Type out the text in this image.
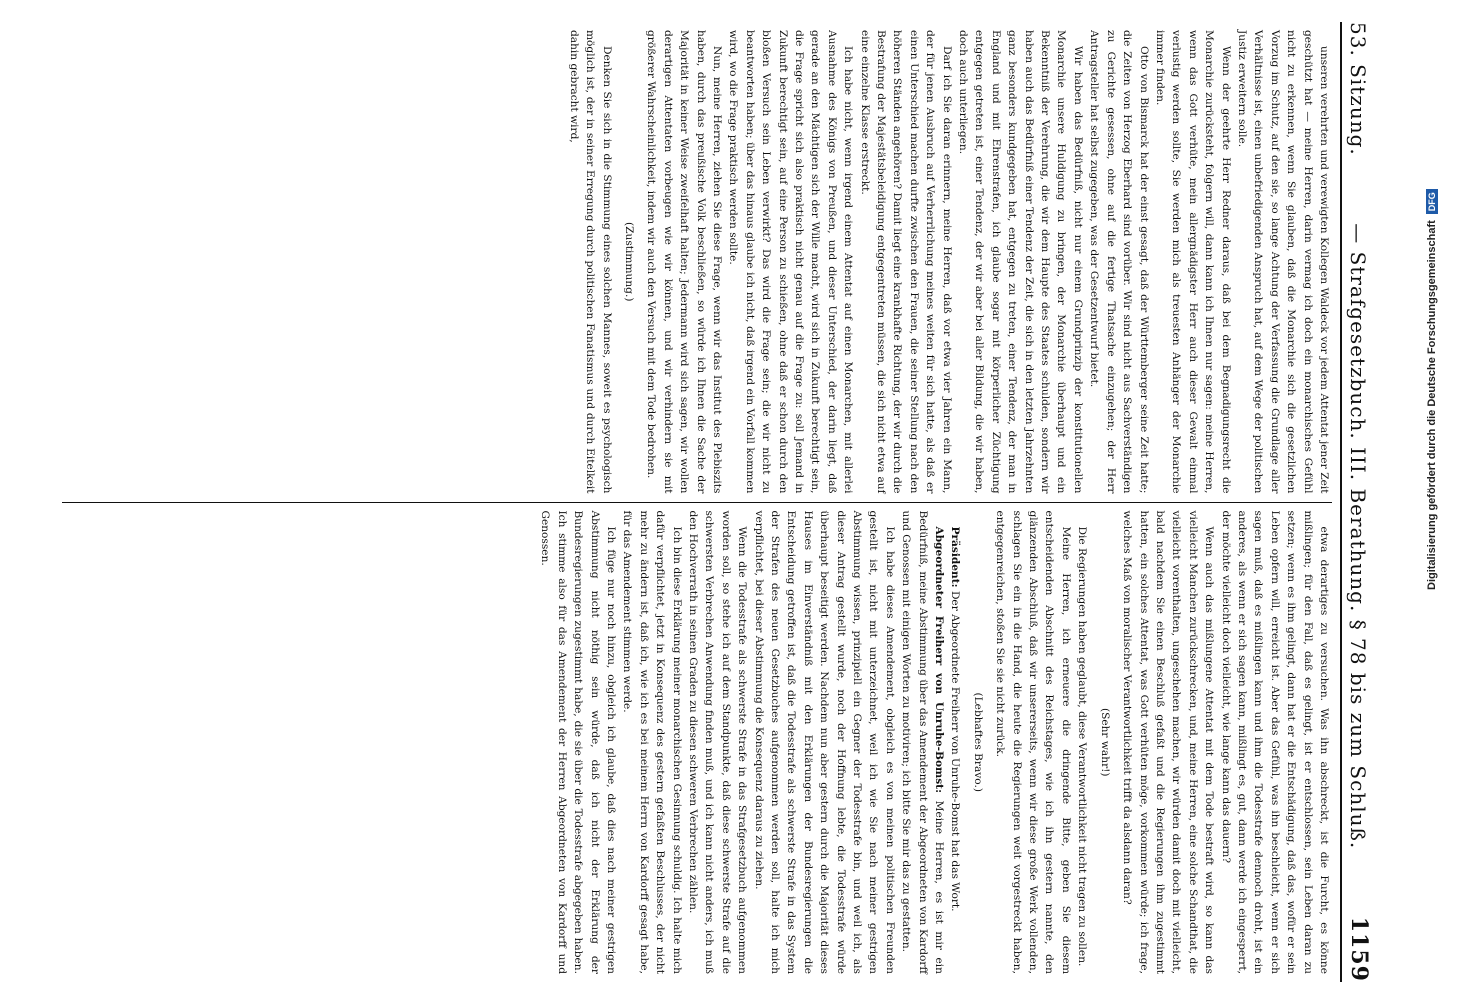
53. Sitzung.
— Strafgesetzbuch. III. Berathung. § 78 bis zum Schluß.
1159

unseren verehrten und verewigten Kollegen Waldeck vor jedem Attentat jener Zeit geschützt hat — meine Herren, darin vermag ich doch ein monarchisches Gefühl nicht zu erkennen, wenn Sie glauben, daß die Monarchie sich die gesetzlichen Vorzug im Schutz, auf den sie, so lange Achtung der Verfassung die Grundlage aller Verhältnisse ist, einen unbefriedigenden Anspruch hat, auf dem Wege der politischen Justiz erweitern solle.

Wenn der geehrte Herr Redner daraus, daß bei dem Begnadigungsrecht die Monarchie zurücksteht, folgern will, dann kann ich Ihnen nur sagen: meine Herren, wenn das Gott verhüte, mein allergnädigster Herr auch dieser Gewalt einmal verlustig werden sollte, Sie werden mich als treuesten Anhänger der Monarchie immer finden.

Otto von Bismarck hat der einst gesagt, daß der Württemberger seine Zeit hatte; die Zeiten von Herzog Eberhard sind vorüber. Wir sind nicht aus Sachverständigen zu Gerichte gesessen, ohne auf die fertige Thatsache einzugehen; der Herr Antragsteller hat selbst zugegeben, was der Gesetzentwurf bietet.

Wir haben das Bedürfniß, nicht nur einem Grundprinzip der konstitutionellen Monarchie unsere Huldigung zu bringen, der Monarchie überhaupt und ein Bekenntniß der Verehrung, die wir dem Haupte des Staates schulden, sondern wir haben auch das Bedürfniß einer Tendenz der Zeit, die sich in den letzten Jahrzehnten ganz besonders kundgegeben hat, entgegen zu treten, einer Tendenz, der man in England und mit Ehrenstrafen, ich glaube sogar mit körperlicher Züchtigung entgegen getreten ist, einer Tendenz, der wir aber bei aller Bildung, die wir haben, doch auch unterliegen.

Darf ich Sie daran erinnern, meine Herren, daß vor etwa vier Jahren ein Mann, der für jenen Ausbruch auf Verherrlichung meines weiten für sich hatte, als daß er einen Unterschied machen durfte zwischen den Frauen, die seiner Stellung nach den höheren Ständen angehören? Damit liegt eine krankhafte Richtung, der wir durch die Bestrafung der Majestätsbeleidigung entgegentreten müssen, die sich nicht etwa auf eine einzelne Klasse erstreckt.

Ich habe nicht, wenn irgend einem Attentat auf einen Monarchen, mit allerlei Ausnahme des Königs von Preußen, und dieser Unterschied, der darin liegt, daß gerade an den Mächtigen sich der Wille macht, wird sich in Zukunft berechtigt sein, die Frage spricht sich also praktisch nicht genau auf die Frage zu: soll Jemand in Zukunft berechtigt sein, auf eine Person zu schießen, ohne daß er schon durch den bloßen Versuch sein Leben verwirkt? Das wird die Frage sein; die wir nicht zu beantworten haben; über das hinaus glaube ich nicht, daß irgend ein Vorfall kommen wird, wo die Frage praktisch werden sollte.

Nun, meine Herren, ziehen Sie diese Frage, wenn wir das Institut des Plebiszits haben, durch das preußische Volk beschließen, so würde ich Ihnen die Sache der Majorität in keiner Weise zweifelhaft halten; Jedermann wird sich sagen, wir wollen derartigen Attentaten vorbeugen wie wir können, und wir verhindern sie mit größerer Wahrscheinlichkeit, indem wir auch den Versuch mit dem Tode bedrohen.

(Zustimmung.)

Denken Sie sich in die Stimmung eines solchen Mannes, soweit es psychologisch möglich ist, der in seiner Erregung durch politischen Fanatismus und durch Eitelkeit dahin gebracht wird,

etwa derartiges zu versuchen. Was ihn abschreckt, ist die Furcht, es könne mißlingen; für den Fall, daß es gelingt, ist er entschlossen, sein Leben daran zu setzen; wenn es ihm gelingt, dann hat er die Entschädigung, daß das, wofür er sein Leben opfern will, erreicht ist. Aber das Gefühl, was ihn beschleicht, wenn er sich sagen muß, daß es mißlingen kann und ihm die Todesstrafe dennoch droht, ist ein anderes, als wenn er sich sagen kann, mißlingt es, gut, dann werde ich eingesperrt, der möchte vielleicht doch vielleicht, wie lange kann das dauern?

Wenn auch das mißlungene Attentat mit dem Tode bestraft wird, so kann das vielleicht Manchen zurückschrecken, und, meine Herren, eine solche Schandthat, die vielleicht vorenthalten, ungeschehen machen, wir würden damit doch mit vielleicht, bald nachdem Sie einen Beschluß gefaßt und die Regierungen ihm zugestimmt hatten, ein solches Attentat, was Gott verhüten möge, vorkommen würde; ich frage, welches Maß von moralischer Verantwortlichkeit trifft da alsdann daran?

(Sehr wahr!)

Die Regierungen haben geglaubt, diese Verantwortlichkeit nicht tragen zu sollen.

Meine Herren, ich erneuere die dringende Bitte, geben Sie diesem entscheidenden Abschnitt des Reichstages, wie ich ihn gestern nannte, den glänzenden Abschluß, daß wir unsererseits, wenn wir diese große Werk vollenden, schlagen Sie ein in die Hand, die heute die Regierungen weit vorgestreckt haben, entgegenreichen, stoßen Sie sie nicht zurück.

(Lebhaftes Bravo.)

Präsident: Der Abgeordnete Freiherr von Unruhe-Bomst hat das Wort.

Abgeordneter Freiherr von Unruhe-Bomst: Meine Herren, es ist mir ein Bedürfniß, meine Abstimmung über das Amendement der Abgeordneten von Kardorff und Genossen mit einigen Worten zu motiviren; ich bitte Sie mir das zu gestatten.

Ich habe dieses Amendement, obgleich es von meinen politischen Freunden gestellt ist, nicht mit unterzeichnet, weil ich wie Sie nach meiner gestrigen Abstimmung wissen, prinzipiell ein Gegner der Todesstrafe bin, und weil ich, als dieser Antrag gestellt wurde, noch der Hoffnung lebte, die Todesstrafe würde überhaupt beseitigt werden. Nachdem nun aber gestern durch die Majorität dieses Hauses im Einverständniß mit den Erklärungen der Bundesregierungen die Entscheidung getroffen ist, daß die Todesstrafe als schwerste Strafe in das System der Strafen des neuen Gesetzbuches aufgenommen werden soll, halte ich mich verpflichtet, bei dieser Abstimmung die Konsequenz daraus zu ziehen.

Wenn die Todesstrafe als schwerste Strafe in das Strafgesetzbuch aufgenommen worden soll, so stehe ich auf dem Standpunkte, daß diese schwerste Strafe auf die schwersten Verbrechen Anwendung finden muß, und ich kann nicht anders, ich muß den Hochverrath in seinen Graden zu diesen schweren Verbrechen zählen.

Ich bin diese Erklärung meiner monarchischen Gesinnung schuldig. Ich halte mich dafür verpflichtet, jetzt in Konsequenz des gestern gefaßten Beschlusses, der nicht mehr zu ändern ist, daß ich, wie ich es bei meinem Herrn von Kardorff gesagt habe, für das Amendement stimmen werde.

Ich füge nur noch hinzu, obgleich ich glaube, daß dies nach meiner gestrigen Abstimmung nicht nöthig sein würde, daß ich nicht der Erklärung der Bundesregierungen zugestimmt habe, die sie über die Todesstrafe abgegeben haben. Ich stimme also für das Amendement der Herren Abgeordneten von Kardorff und Genossen.	Digitalisierung gefördert durch die Deutsche ForschungsgemeinschaftDFG
